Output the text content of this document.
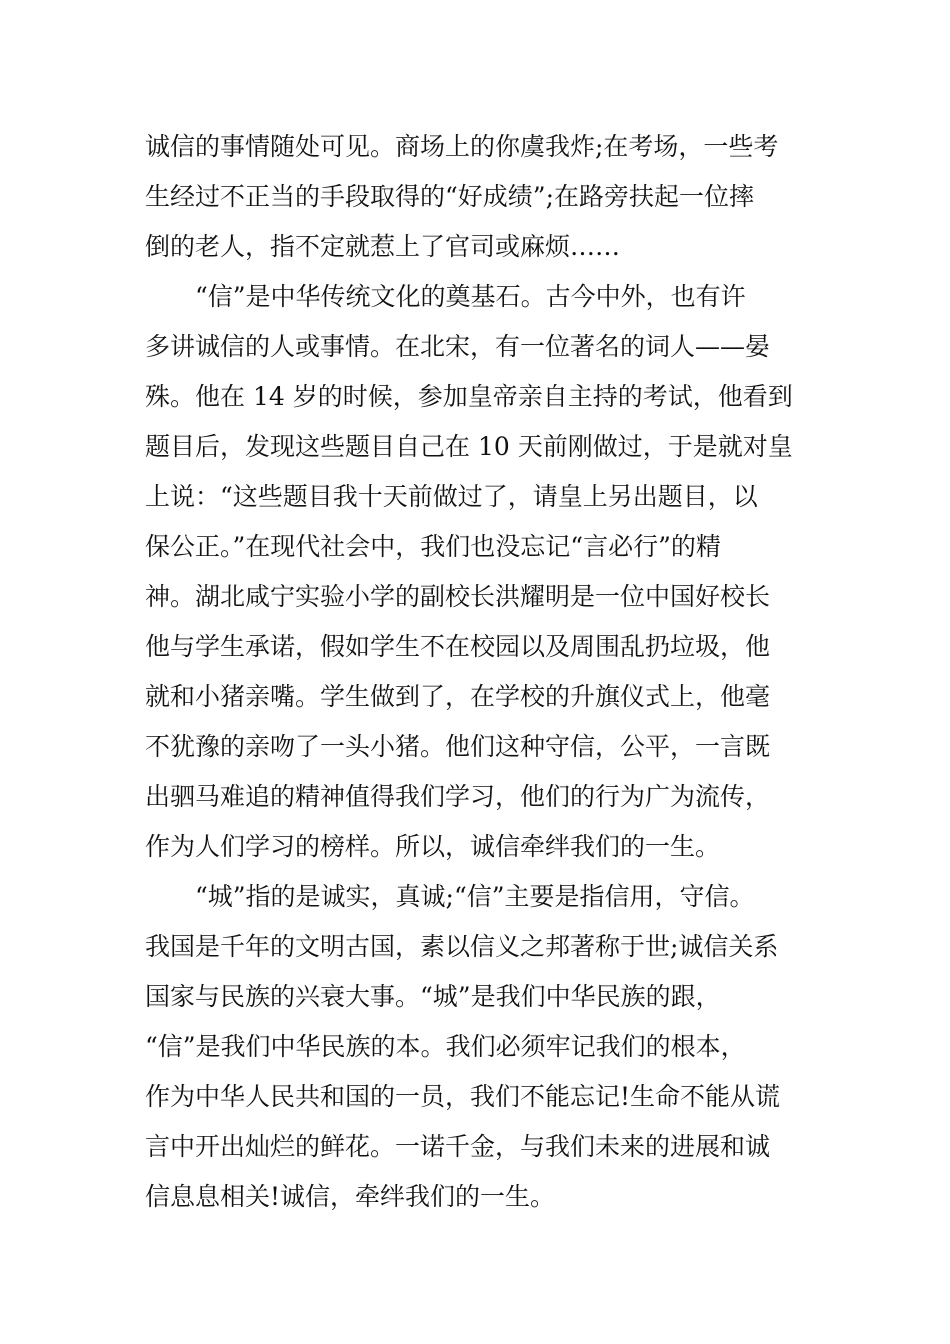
诚信的事情随处可见。商场上的你虞我炸;在考场，一些考
生经过不正当的手段取得的“好成绩”;在路旁扶起一位摔
倒的老人，指不定就惹上了官司或麻烦……
“信”是中华传统文化的奠基石。古今中外，也有许
多讲诚信的人或事情。在北宋，有一位著名的词人——晏
殊。他在 14 岁的时候，参加皇帝亲自主持的考试，他看到
题目后，发现这些题目自己在 10 天前刚做过，于是就对皇
上说：“这些题目我十天前做过了，请皇上另出题目，以
保公正。”在现代社会中，我们也没忘记“言必行”的精
神。湖北咸宁实验小学的副校长洪耀明是一位中国好校长
他与学生承诺，假如学生不在校园以及周围乱扔垃圾，他
就和小猪亲嘴。学生做到了，在学校的升旗仪式上，他毫
不犹豫的亲吻了一头小猪。他们这种守信，公平，一言既
出驷马难追的精神值得我们学习，他们的行为广为流传，
作为人们学习的榜样。所以，诚信牵绊我们的一生。
“城”指的是诚实，真诚;“信”主要是指信用，守信。
我国是千年的文明古国，素以信义之邦著称于世;诚信关系
国家与民族的兴衰大事。“城”是我们中华民族的跟，
“信”是我们中华民族的本。我们必须牢记我们的根本，
作为中华人民共和国的一员，我们不能忘记!生命不能从谎
言中开出灿烂的鲜花。一诺千金，与我们未来的进展和诚
信息息相关!诚信，牵绊我们的一生。
